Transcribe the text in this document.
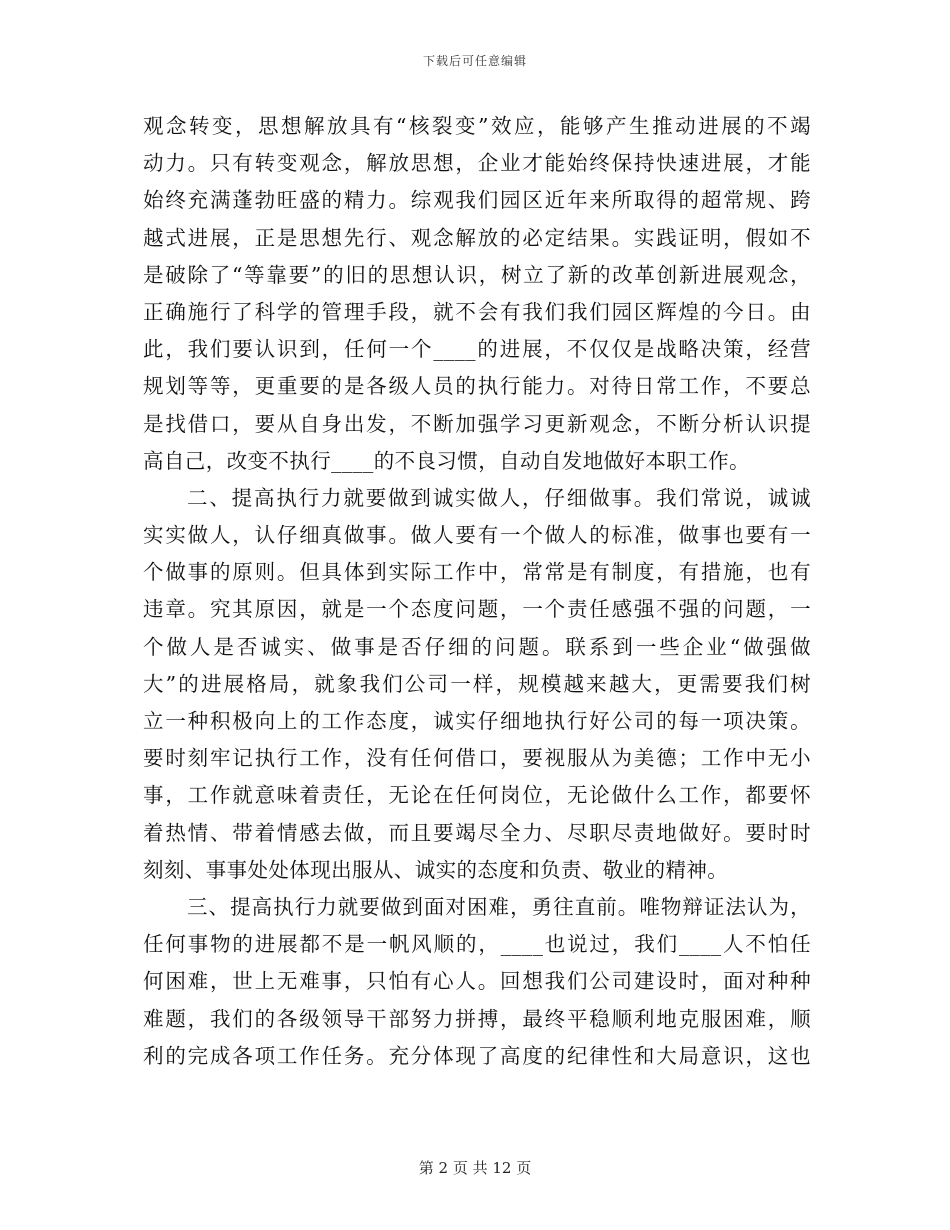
下载后可任意编辑
观念转变，思想解放具有“核裂变”效应，能够产生推动进展的不竭
动力。只有转变观念，解放思想，企业才能始终保持快速进展，才能
始终充满蓬勃旺盛的精力。综观我们园区近年来所取得的超常规、跨
越式进展，正是思想先行、观念解放的必定结果。实践证明，假如不
是破除了“等靠要”的旧的思想认识，树立了新的改革创新进展观念，
正确施行了科学的管理手段，就不会有我们我们园区辉煌的今日。由
此，我们要认识到，任何一个____的进展，不仅仅是战略决策，经营
规划等等，更重要的是各级人员的执行能力。对待日常工作，不要总
是找借口，要从自身出发，不断加强学习更新观念，不断分析认识提
高自己，改变不执行____的不良习惯，自动自发地做好本职工作。
二、提高执行力就要做到诚实做人，仔细做事。我们常说，诚诚
实实做人，认仔细真做事。做人要有一个做人的标准，做事也要有一
个做事的原则。但具体到实际工作中，常常是有制度，有措施，也有
违章。究其原因，就是一个态度问题，一个责任感强不强的问题，一
个做人是否诚实、做事是否仔细的问题。联系到一些企业“做强做
大”的进展格局，就象我们公司一样，规模越来越大，更需要我们树
立一种积极向上的工作态度，诚实仔细地执行好公司的每一项决策。
要时刻牢记执行工作，没有任何借口，要视服从为美德；工作中无小
事，工作就意味着责任，无论在任何岗位，无论做什么工作，都要怀
着热情、带着情感去做，而且要竭尽全力、尽职尽责地做好。要时时
刻刻、事事处处体现出服从、诚实的态度和负责、敬业的精神。
三、提高执行力就要做到面对困难，勇往直前。唯物辩证法认为，
任何事物的进展都不是一帆风顺的，____也说过，我们____人不怕任
何困难，世上无难事，只怕有心人。回想我们公司建设时，面对种种
难题，我们的各级领导干部努力拼搏，最终平稳顺利地克服困难，顺
利的完成各项工作任务。充分体现了高度的纪律性和大局意识，这也
第 2 页 共 12 页
